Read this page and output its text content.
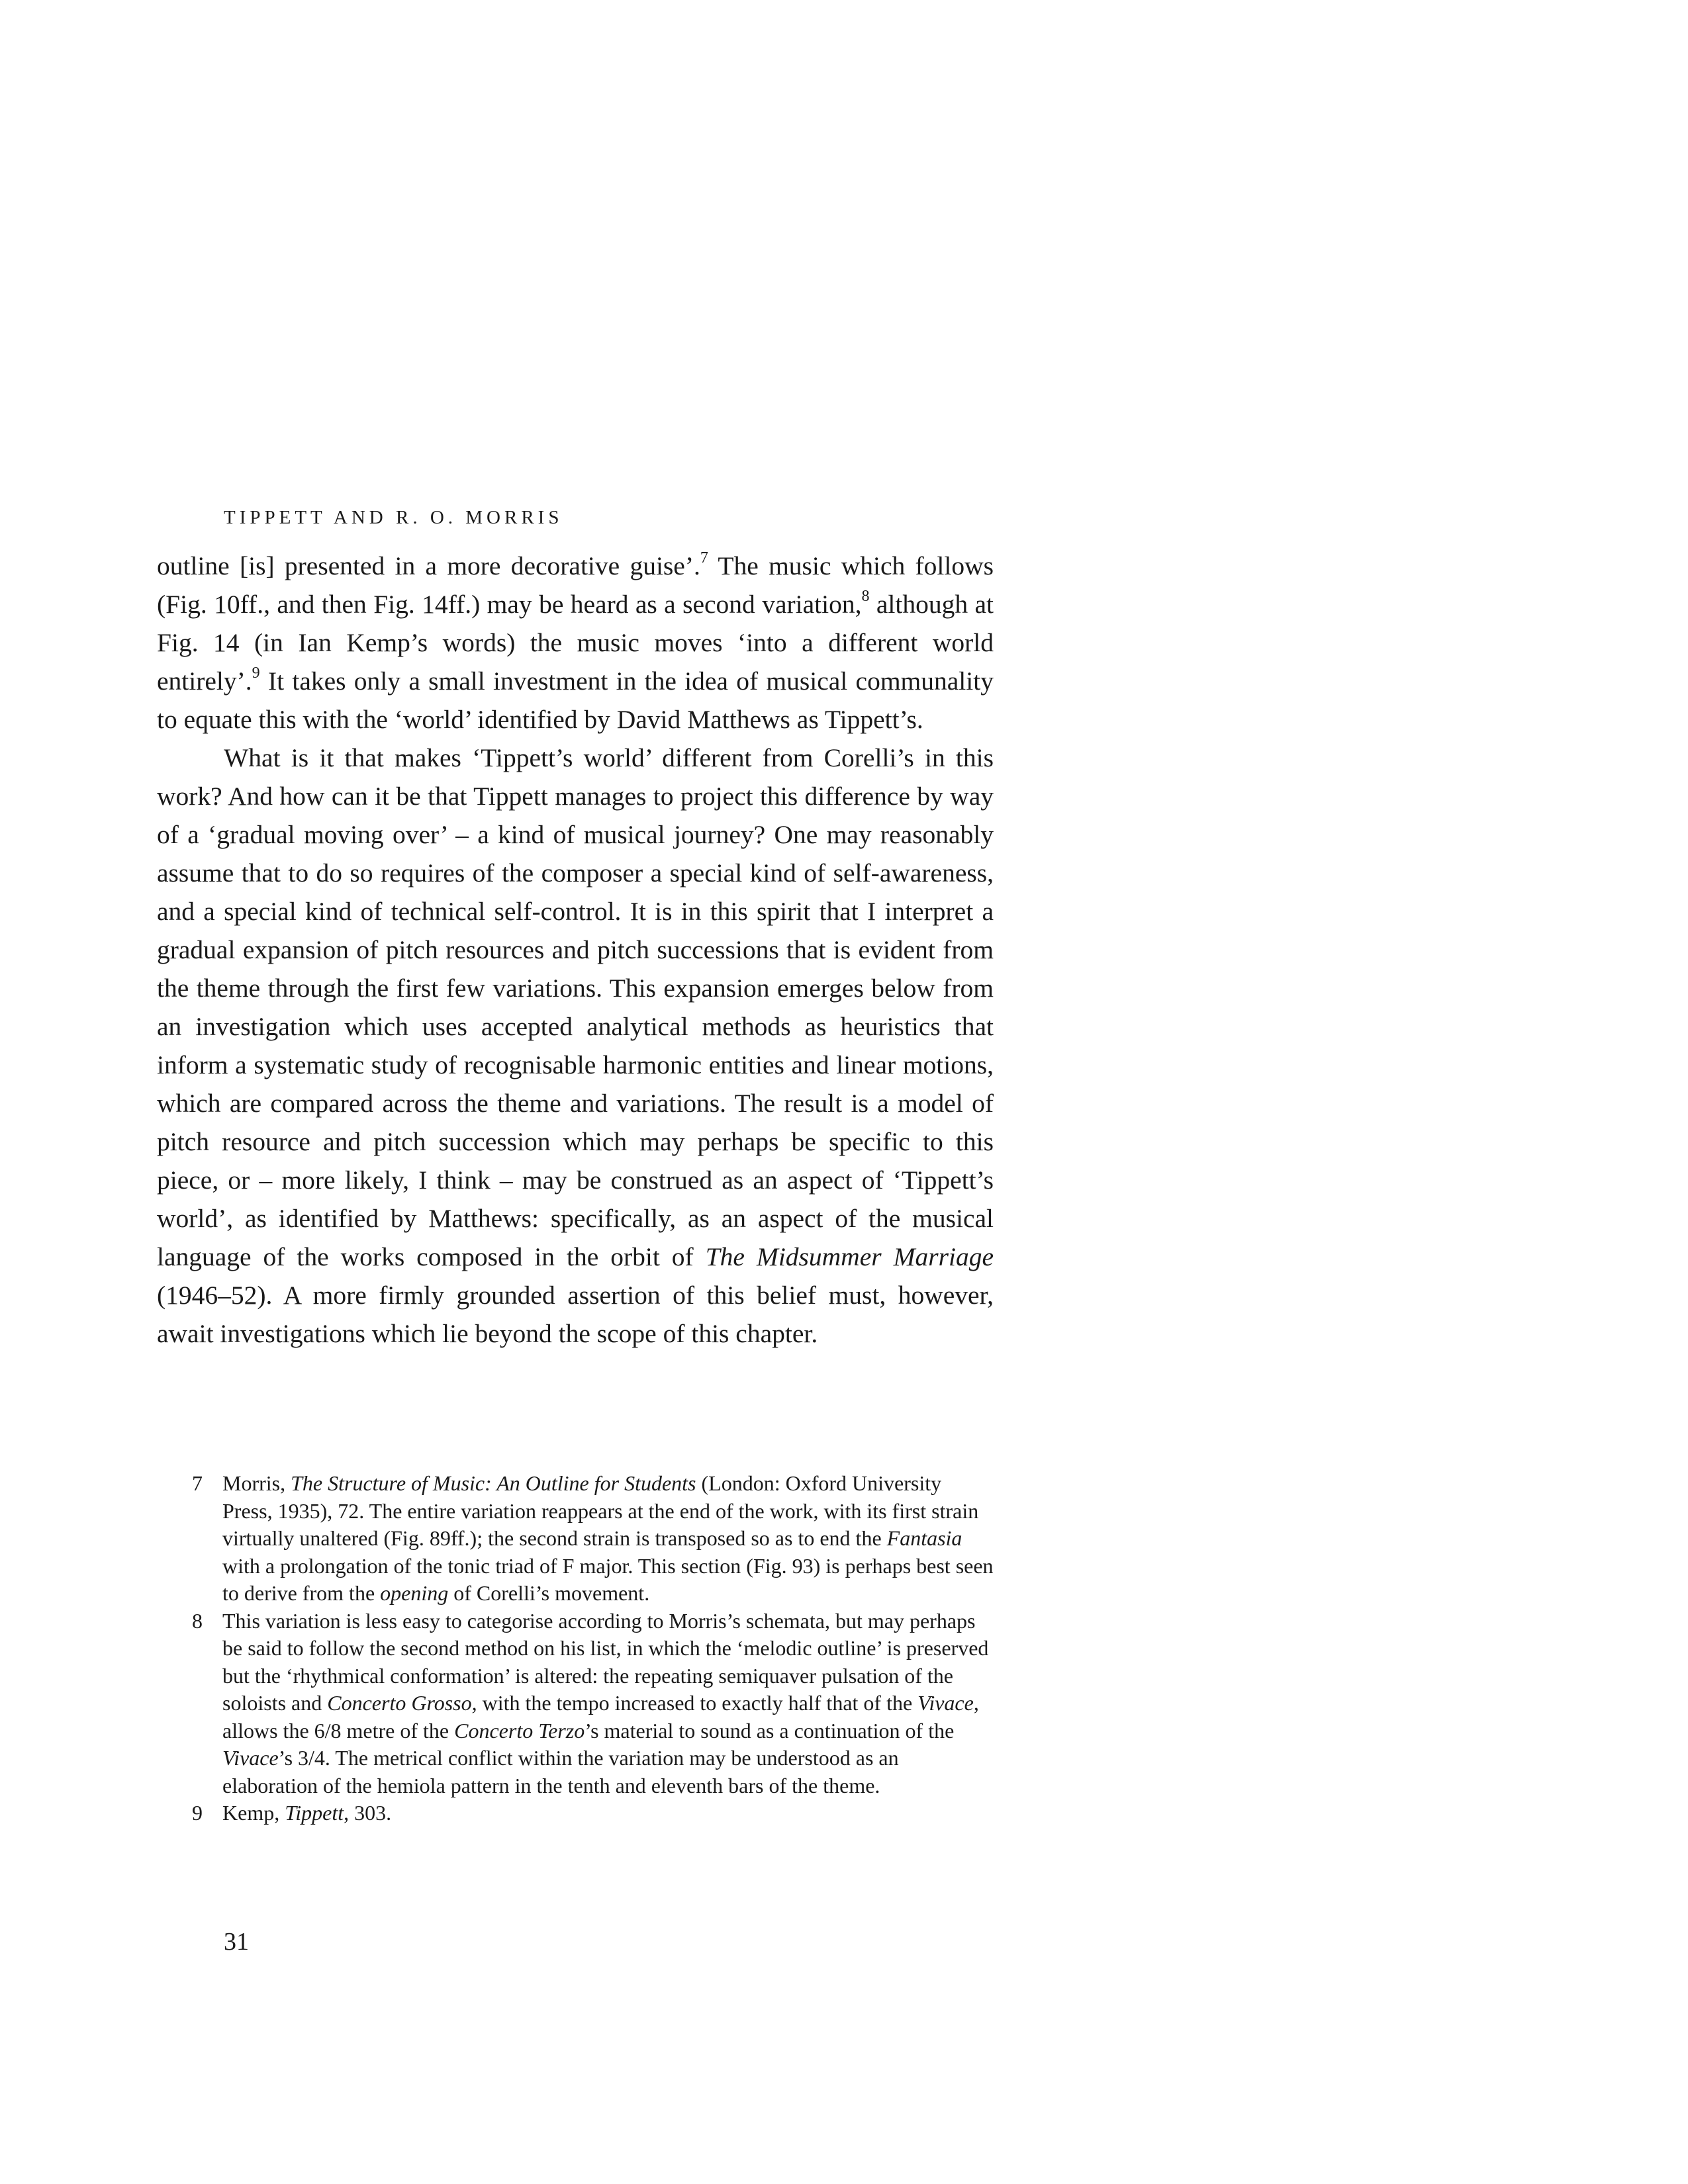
TIPPETT AND R. O. MORRIS

outline [is] presented in a more decorative guise’.$^7$ The music which follows (Fig. 10ff., and then Fig. 14ff.) may be heard as a second variation,$^8$ although at Fig. 14 (in Ian Kemp’s words) the music moves ‘into a different world entirely’.$^9$ It takes only a small investment in the idea of musical communality to equate this with the ‘world’ identified by David Matthews as Tippett’s.

What is it that makes ‘Tippett’s world’ different from Corelli’s in this work? And how can it be that Tippett manages to project this difference by way of a ‘gradual moving over’ – a kind of musical journey? One may reasonably assume that to do so requires of the composer a special kind of self-awareness, and a special kind of technical self-control. It is in this spirit that I interpret a gradual expansion of pitch resources and pitch successions that is evident from the theme through the first few variations. This expansion emerges below from an investigation which uses accepted analytical methods as heuristics that inform a systematic study of recognisable harmonic entities and linear motions, which are compared across the theme and variations. The result is a model of pitch resource and pitch succession which may perhaps be specific to this piece, or – more likely, I think – may be construed as an aspect of ‘Tippett’s world’, as identified by Matthews: specifically, as an aspect of the musical language of the works composed in the orbit of The Midsummer Marriage (1946–52). A more firmly grounded assertion of this belief must, however, await investigations which lie beyond the scope of this chapter.

7 Morris, The Structure of Music: An Outline for Students (London: Oxford University Press, 1935), 72. The entire variation reappears at the end of the work, with its first strain virtually unaltered (Fig. 89ff.); the second strain is transposed so as to end the Fantasia with a prolongation of the tonic triad of F major. This section (Fig. 93) is perhaps best seen to derive from the opening of Corelli’s movement.
8 This variation is less easy to categorise according to Morris’s schemata, but may perhaps be said to follow the second method on his list, in which the ‘melodic outline’ is preserved but the ‘rhythmical conformation’ is altered: the repeating semiquaver pulsation of the soloists and Concerto Grosso, with the tempo increased to exactly half that of the Vivace, allows the 6/8 metre of the Concerto Terzo’s material to sound as a continuation of the Vivace’s 3/4. The metrical conflict within the variation may be understood as an elaboration of the hemiola pattern in the tenth and eleventh bars of the theme.
9 Kemp, Tippett, 303.
31
